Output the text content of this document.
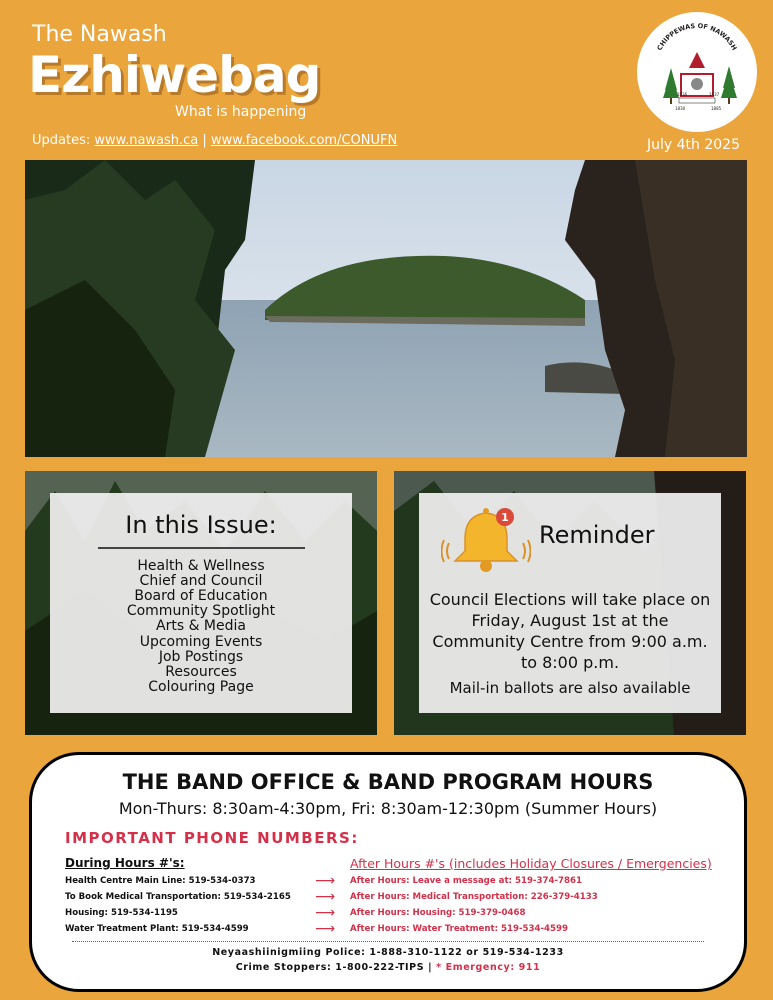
The Nawash
Ezhiwebag
What is happening
Updates: www.nawash.ca | www.facebook.com/CONUFN	July 4th 2025
CHIPPEWAS OF NAWASH
1836	1837
1830	1885
In this Issue:
Health & Wellness
Chief and Council
Board of Education
Community Spotlight
Arts & Media
Upcoming Events
Job Postings
Resources
Colouring Page
1
Reminder
Council Elections will take place on Friday, August 1st at the Community Centre from 9:00 a.m. to 8:00 p.m.
Mail-in ballots are also available
THE BAND OFFICE & BAND PROGRAM HOURS
Mon-Thurs: 8:30am-4:30pm, Fri: 8:30am-12:30pm (Summer Hours)
IMPORTANT PHONE NUMBERS:
During Hours #'s:	After Hours #'s (includes Holiday Closures / Emergencies)
Health Centre Main Line: 519-534-0373	⟶ After Hours: Leave a message at: 519-374-7861
To Book Medical Transportation: 519-534-2165 ⟶ After Hours: Medical Transportation: 226-379-4133
Housing: 519-534-1195	⟶ After Hours: Housing: 519-379-0468
Water Treatment Plant: 519-534-4599	⟶ After Hours: Water Treatment: 519-534-4599
Neyaashiinigmiing Police: 1-888-310-1122 or 519-534-1233
Crime Stoppers: 1-800-222-TIPS | * Emergency: 911
